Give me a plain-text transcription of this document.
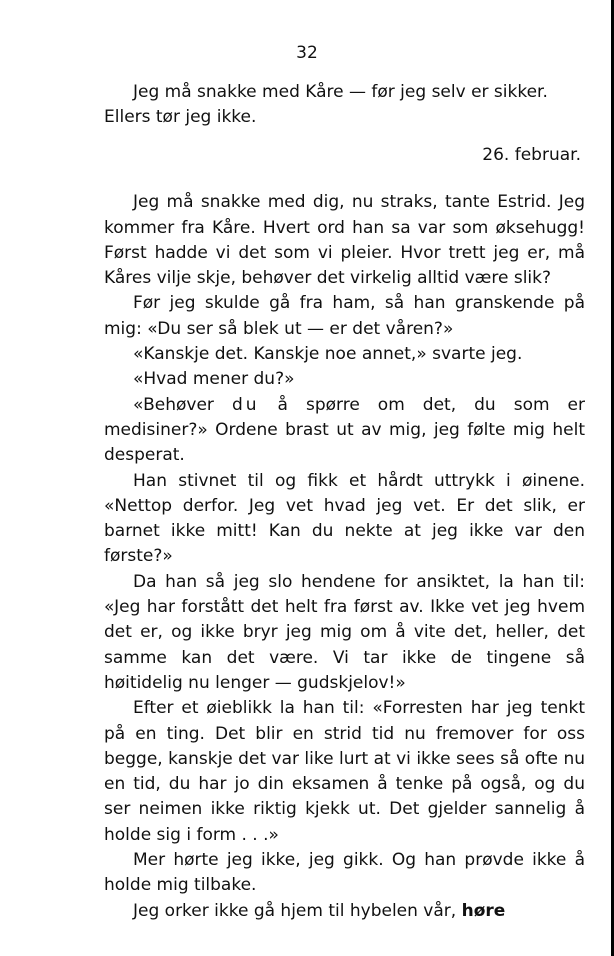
32

Jeg må snakke med Kåre — før jeg selv er sikker.

Ellers tør jeg ikke.

26. februar.

Jeg må snakke med dig, nu straks, tante Estrid. Jeg kommer fra Kåre. Hvert ord han sa var som øksehugg! Først hadde vi det som vi pleier. Hvor trett jeg er, må Kåres vilje skje, behøver det virkelig alltid være slik?

Før jeg skulde gå fra ham, så han granskende på mig: «Du ser så blek ut — er det våren?»

«Kanskje det. Kanskje noe annet,» svarte jeg.

«Hvad mener du?»

«Behøver du å spørre om det, du som er medisiner?» Ordene brast ut av mig, jeg følte mig helt desperat.

Han stivnet til og fikk et hårdt uttrykk i øinene. «Nettop derfor. Jeg vet hvad jeg vet. Er det slik, er barnet ikke mitt! Kan du nekte at jeg ikke var den første?»

Da han så jeg slo hendene for ansiktet, la han til: «Jeg har forstått det helt fra først av. Ikke vet jeg hvem det er, og ikke bryr jeg mig om å vite det, heller, det samme kan det være. Vi tar ikke de tingene så høitidelig nu lenger — gudskjelov!»

Efter et øieblikk la han til: «Forresten har jeg tenkt på en ting. Det blir en strid tid nu fremover for oss begge, kanskje det var like lurt at vi ikke sees så ofte nu en tid, du har jo din eksamen å tenke på også, og du ser neimen ikke riktig kjekk ut. Det gjelder sannelig å holde sig i form . . .»

Mer hørte jeg ikke, jeg gikk. Og han prøvde ikke å holde mig tilbake.

Jeg orker ikke gå hjem til hybelen vår, høre
